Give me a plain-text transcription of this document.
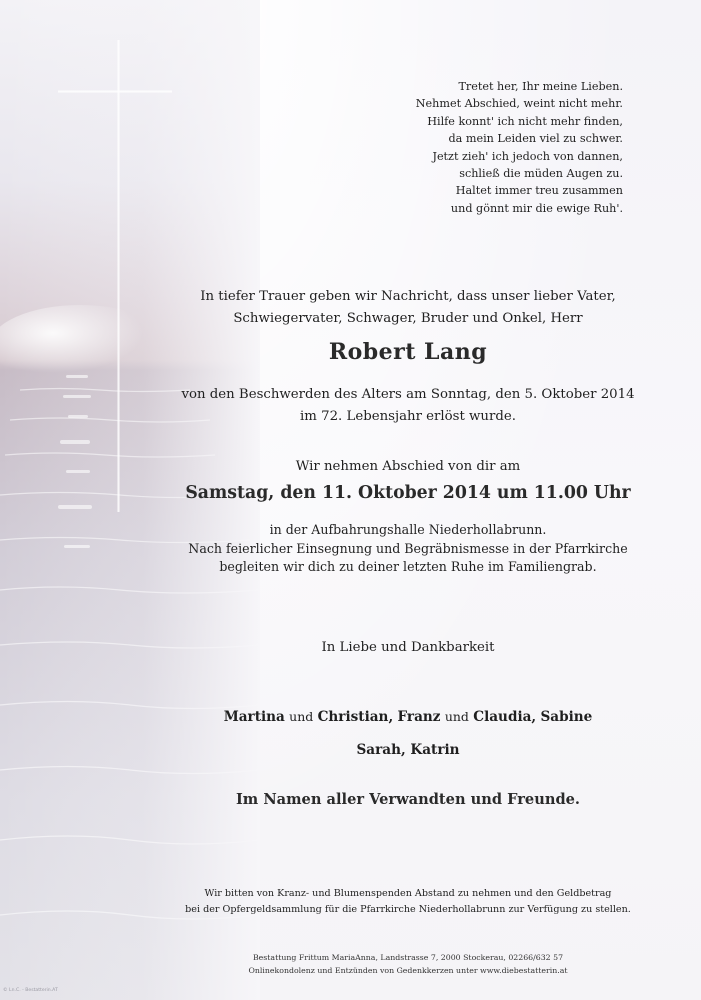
Tretet her, Ihr meine Lieben.
Nehmet Abschied, weint nicht mehr.
Hilfe konnt' ich nicht mehr finden,
da mein Leiden viel zu schwer.
Jetzt zieh' ich jedoch von dannen,
schließ die müden Augen zu.
Haltet immer treu zusammen
und gönnt mir die ewige Ruh'.
In tiefer Trauer geben wir Nachricht, dass unser lieber Vater,
Schwiegervater, Schwager, Bruder und Onkel, Herr
Robert Lang
von den Beschwerden des Alters am Sonntag, den 5. Oktober 2014
im 72. Lebensjahr erlöst wurde.
Wir nehmen Abschied von dir am
Samstag, den 11. Oktober 2014 um 11.00 Uhr
in der Aufbahrungshalle Niederhollabrunn.
Nach feierlicher Einsegnung und Begräbnismesse in der Pfarrkirche
begleiten wir dich zu deiner letzten Ruhe im Familiengrab.
In Liebe und Dankbarkeit
Martina und Christian, Franz und Claudia, Sabine
Sarah, Katrin
Im Namen aller Verwandten und Freunde.
Wir bitten von Kranz- und Blumenspenden Abstand zu nehmen und den Geldbetrag
bei der Opfergeldsammlung für die Pfarrkirche Niederhollabrunn zur Verfügung zu stellen.
Bestattung Frittum MariaAnna, Landstrasse 7, 2000 Stockerau, 02266/632 57
Onlinekondolenz und Entzünden von Gedenkkerzen unter www.diebestatterin.at
© Ln.C. - Bestatterin.AT
